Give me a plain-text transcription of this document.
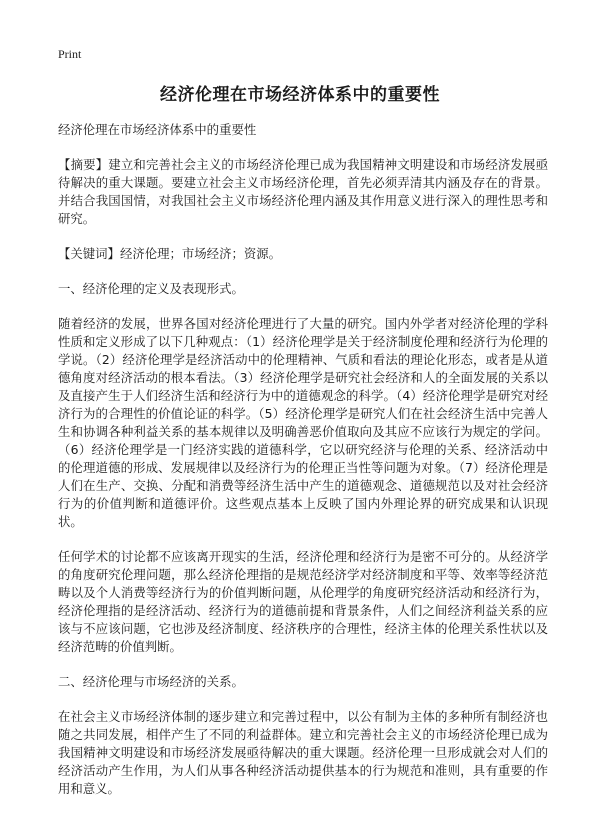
Print

经济伦理在市场经济体系中的重要性

经济伦理在市场经济体系中的重要性

【摘要】建立和完善社会主义的市场经济伦理已成为我国精神文明建设和市场经济发展亟待解决的重大课题。要建立社会主义市场经济伦理，首先必须弄清其内涵及存在的背景。并结合我国国情，对我国社会主义市场经济伦理内涵及其作用意义进行深入的理性思考和研究。

【关键词】经济伦理；市场经济；资源。

一、经济伦理的定义及表现形式。

随着经济的发展，世界各国对经济伦理进行了大量的研究。国内外学者对经济伦理的学科性质和定义形成了以下几种观点：（1）经济伦理学是关于经济制度伦理和经济行为伦理的学说。（2）经济伦理学是经济活动中的伦理精神、气质和看法的理论化形态，或者是从道德角度对经济活动的根本看法。（3）经济伦理学是研究社会经济和人的全面发展的关系以及直接产生于人们经济生活和经济行为中的道德观念的科学。（4）经济伦理学是研究对经济行为的合理性的价值论证的科学。（5）经济伦理学是研究人们在社会经济生活中完善人生和协调各种利益关系的基本规律以及明确善恶价值取向及其应不应该行为规定的学问。（6）经济伦理学是一门经济实践的道德科学，它以研究经济与伦理的关系、经济活动中的伦理道德的形成、发展规律以及经济行为的伦理正当性等问题为对象。（7）经济伦理是人们在生产、交换、分配和消费等经济生活中产生的道德观念、道德规范以及对社会经济行为的价值判断和道德评价。这些观点基本上反映了国内外理论界的研究成果和认识现状。

任何学术的讨论都不应该离开现实的生活，经济伦理和经济行为是密不可分的。从经济学的角度研究伦理问题，那么经济伦理指的是规范经济学对经济制度和平等、效率等经济范畴以及个人消费等经济行为的价值判断问题，从伦理学的角度研究经济活动和经济行为，经济伦理指的是经济活动、经济行为的道德前提和背景条件，人们之间经济利益关系的应该与不应该问题，它也涉及经济制度、经济秩序的合理性，经济主体的伦理关系性状以及经济范畴的价值判断。

二、经济伦理与市场经济的关系。

在社会主义市场经济体制的逐步建立和完善过程中，以公有制为主体的多种所有制经济也随之共同发展，相伴产生了不同的利益群体。建立和完善社会主义的市场经济伦理已成为我国精神文明建设和市场经济发展亟待解决的重大课题。经济伦理一旦形成就会对人们的经济活动产生作用，为人们从事各种经济活动提供基本的行为规范和准则，具有重要的作用和意义。
